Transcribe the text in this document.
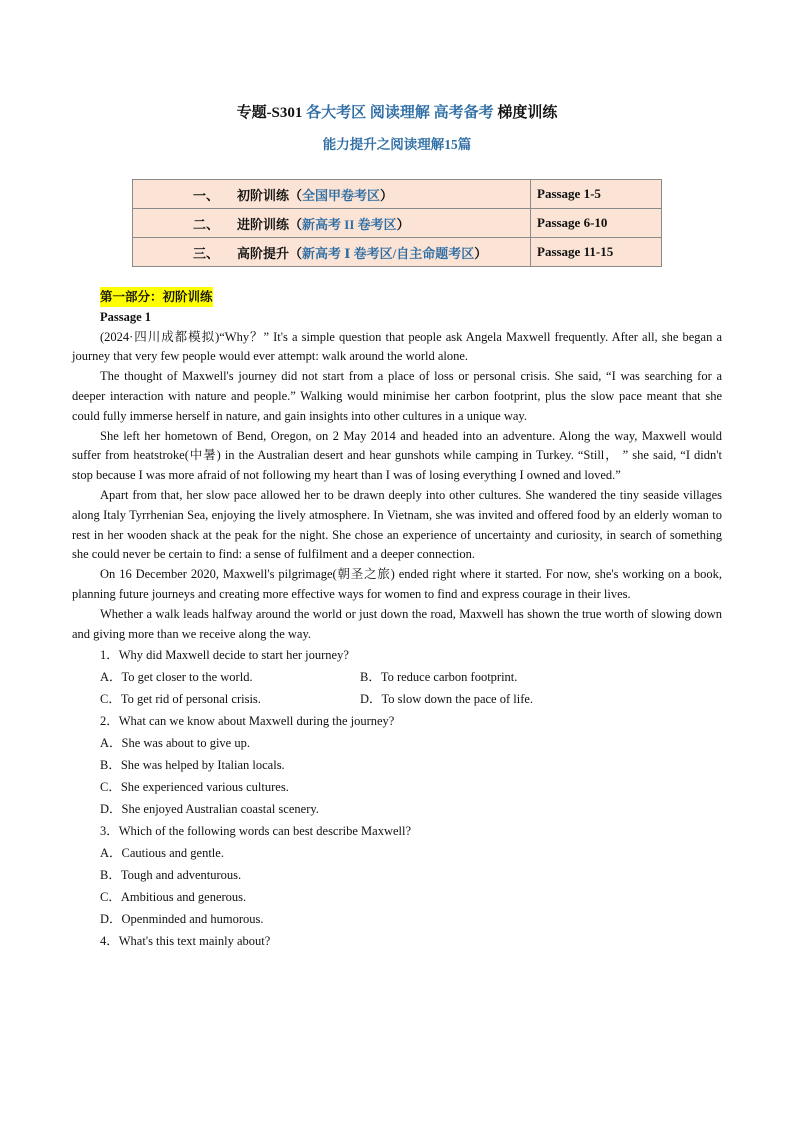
专题-S301 各大考区 阅读理解 高考备考 梯度训练
能力提升之阅读理解15篇
一、 初阶训练（全国甲卷考区）	Passage 1-5
二、 进阶训练（新高考 II 卷考区）	Passage 6-10
三、 高阶提升（新高考 Ⅰ 卷考区/自主命题考区）	Passage 11-15
第一部分：初阶训练
Passage 1

(2024·四川成都模拟)“Why？” It's a simple question that people ask Angela Maxwell frequently. After all, she began a journey that very few people would ever attempt: walk around the world alone.

The thought of Maxwell's journey did not start from a place of loss or personal crisis. She said, “I was searching for a deeper interaction with nature and people.” Walking would minimise her carbon footprint, plus the slow pace meant that she could fully immerse herself in nature, and gain insights into other cultures in a unique way.

She left her hometown of Bend, Oregon, on 2 May 2014 and headed into an adventure. Along the way, Maxwell would suffer from heatstroke(中暑) in the Australian desert and hear gunshots while camping in Turkey. “Still， ” she said, “I didn't stop because I was more afraid of not following my heart than I was of losing everything I owned and loved.”

Apart from that, her slow pace allowed her to be drawn deeply into other cultures. She wandered the tiny seaside villages along Italy Tyrrhenian Sea, enjoying the lively atmosphere. In Vietnam, she was invited and offered food by an elderly woman to rest in her wooden shack at the peak for the night. She chose an experience of uncertainty and curiosity, in search of something she could never be certain to find: a sense of fulfilment and a deeper connection.

On 16 December 2020, Maxwell's pilgrimage(朝圣之旅) ended right where it started. For now, she's working on a book, planning future journeys and creating more effective ways for women to find and express courage in their lives.

Whether a walk leads halfway around the world or just down the road, Maxwell has shown the true worth of slowing down and giving more than we receive along the way.

1．Why did Maxwell decide to start her journey?
A．To get closer to the world.	B．To reduce carbon footprint.
C．To get rid of personal crisis.	D．To slow down the pace of life.
2．What can we know about Maxwell during the journey?
A．She was about to give up.
B．She was helped by Italian locals.
C．She experienced various cultures.
D．She enjoyed Australian coastal scenery.
3．Which of the following words can best describe Maxwell?
A．Cautious and gentle.
B．Tough and adventurous.
C．Ambitious and generous.
D．Openminded and humorous.
4．What's this text mainly about?
